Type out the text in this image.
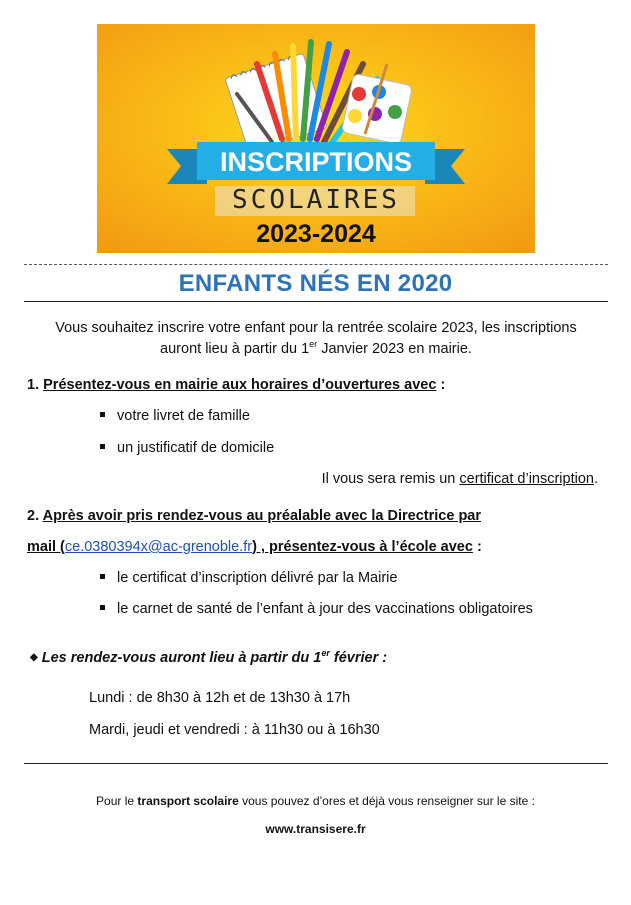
INSCRIPTIONS
SCOLAIRES
2023-2024
ENFANTS NÉS EN 2020
Vous souhaitez inscrire votre enfant pour la rentrée scolaire 2023, les inscriptions
auront lieu à partir du 1er Janvier 2023 en mairie.
1. Présentez-vous en mairie aux horaires d’ouvertures avec :
votre livret de famille
un justificatif de domicile
Il vous sera remis un certificat d’inscription.
2. Après avoir pris rendez-vous au préalable avec la Directrice par
mail (ce.0380394x@ac-grenoble.fr) , présentez-vous à l’école avec :
le certificat d’inscription délivré par la Mairie
le carnet de santé de l’enfant à jour des vaccinations obligatoires
◆ Les rendez-vous auront lieu à partir du 1er février :
Lundi : de 8h30 à 12h et de 13h30 à 17h
Mardi, jeudi et vendredi : à 11h30 ou à 16h30
Pour le transport scolaire vous pouvez d’ores et déjà vous renseigner sur le site :
www.transisere.fr
